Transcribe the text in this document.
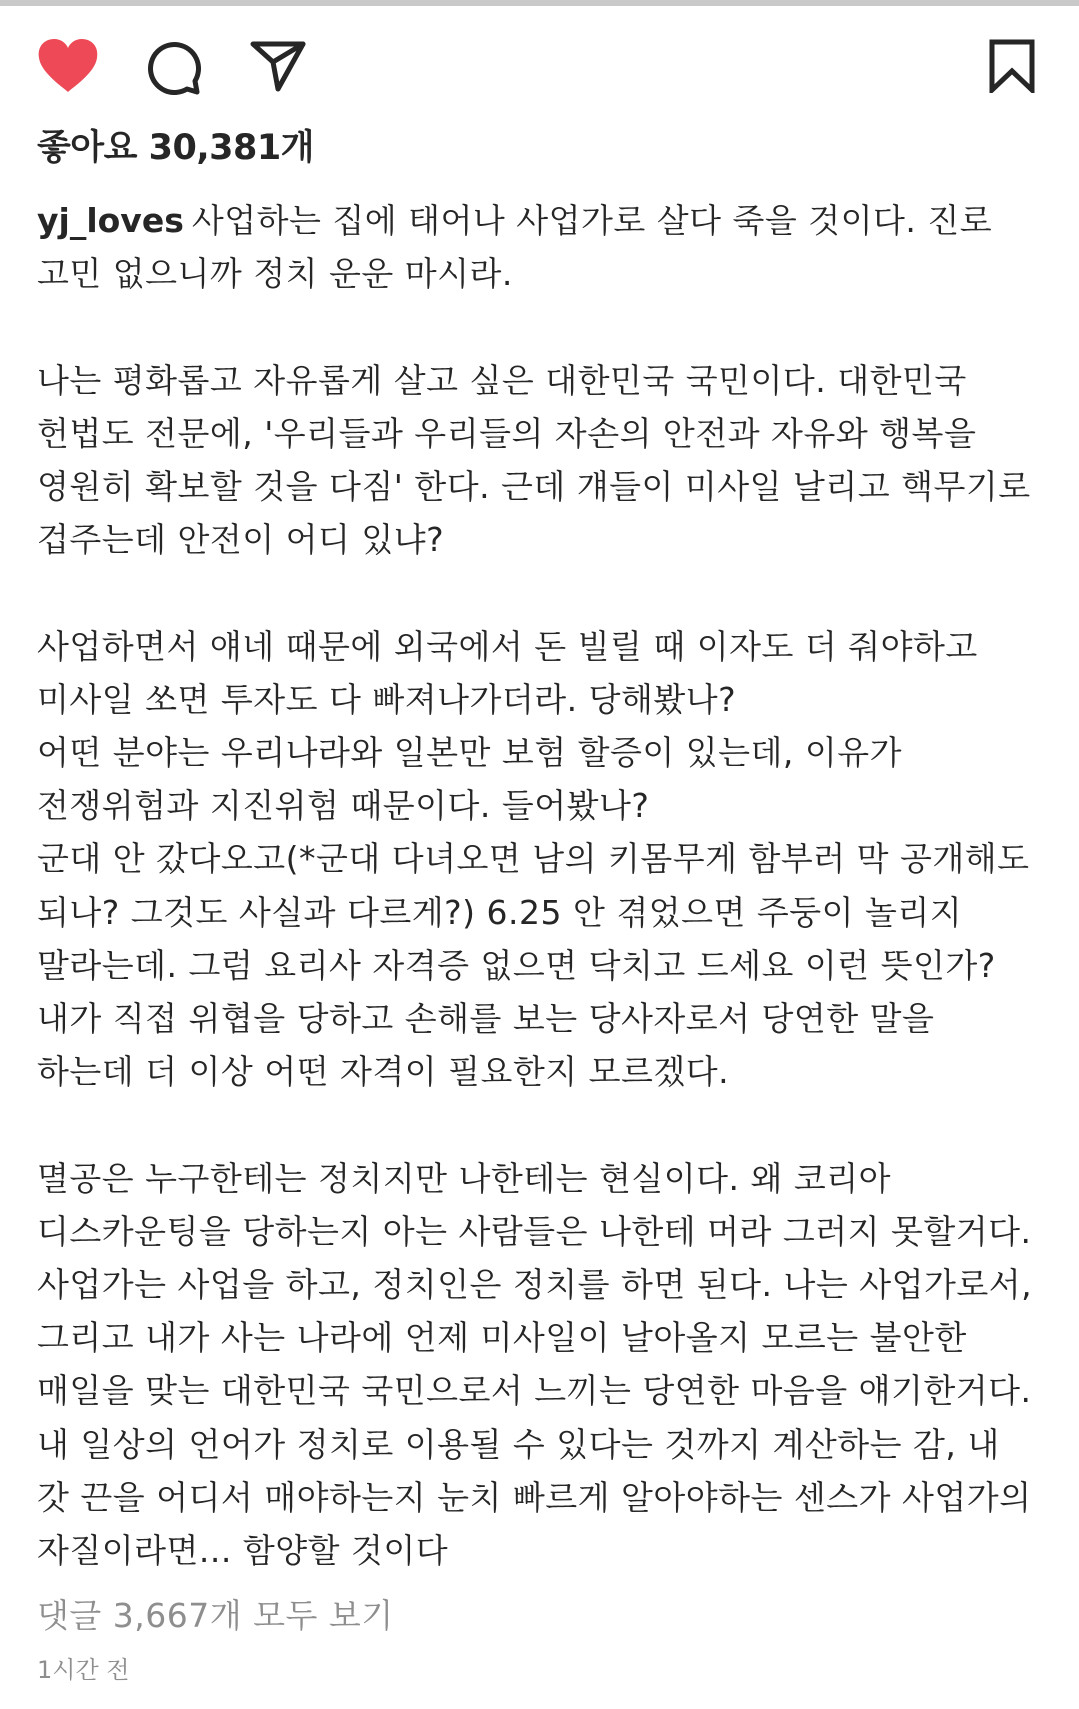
좋아요 30,381개
yj_loves 사업하는 집에 태어나 사업가로 살다 죽을 것이다. 진로
고민 없으니까 정치 운운 마시라.
나는 평화롭고 자유롭게 살고 싶은 대한민국 국민이다. 대한민국
헌법도 전문에, '우리들과 우리들의 자손의 안전과 자유와 행복을
영원히 확보할 것을 다짐' 한다. 근데 걔들이 미사일 날리고 핵무기로
겁주는데 안전이 어디 있냐?
사업하면서 얘네 때문에 외국에서 돈 빌릴 때 이자도 더 줘야하고
미사일 쏘면 투자도 다 빠져나가더라. 당해봤나?
어떤 분야는 우리나라와 일본만 보험 할증이 있는데, 이유가
전쟁위험과 지진위험 때문이다. 들어봤나?
군대 안 갔다오고(*군대 다녀오면 남의 키몸무게 함부러 막 공개해도
되나? 그것도 사실과 다르게?) 6.25 안 겪었으면 주둥이 놀리지
말라는데. 그럼 요리사 자격증 없으면 닥치고 드세요 이런 뜻인가?
내가 직접 위협을 당하고 손해를 보는 당사자로서 당연한 말을
하는데 더 이상 어떤 자격이 필요한지 모르겠다.
멸공은 누구한테는 정치지만 나한테는 현실이다. 왜 코리아
디스카운팅을 당하는지 아는 사람들은 나한테 머라 그러지 못할거다.
사업가는 사업을 하고, 정치인은 정치를 하면 된다. 나는 사업가로서,
그리고 내가 사는 나라에 언제 미사일이 날아올지 모르는 불안한
매일을 맞는 대한민국 국민으로서 느끼는 당연한 마음을 얘기한거다.
내 일상의 언어가 정치로 이용될 수 있다는 것까지 계산하는 감, 내
갓 끈을 어디서 매야하는지 눈치 빠르게 알아야하는 센스가 사업가의
자질이라면... 함양할 것이다
댓글 3,667개 모두 보기
1시간 전
